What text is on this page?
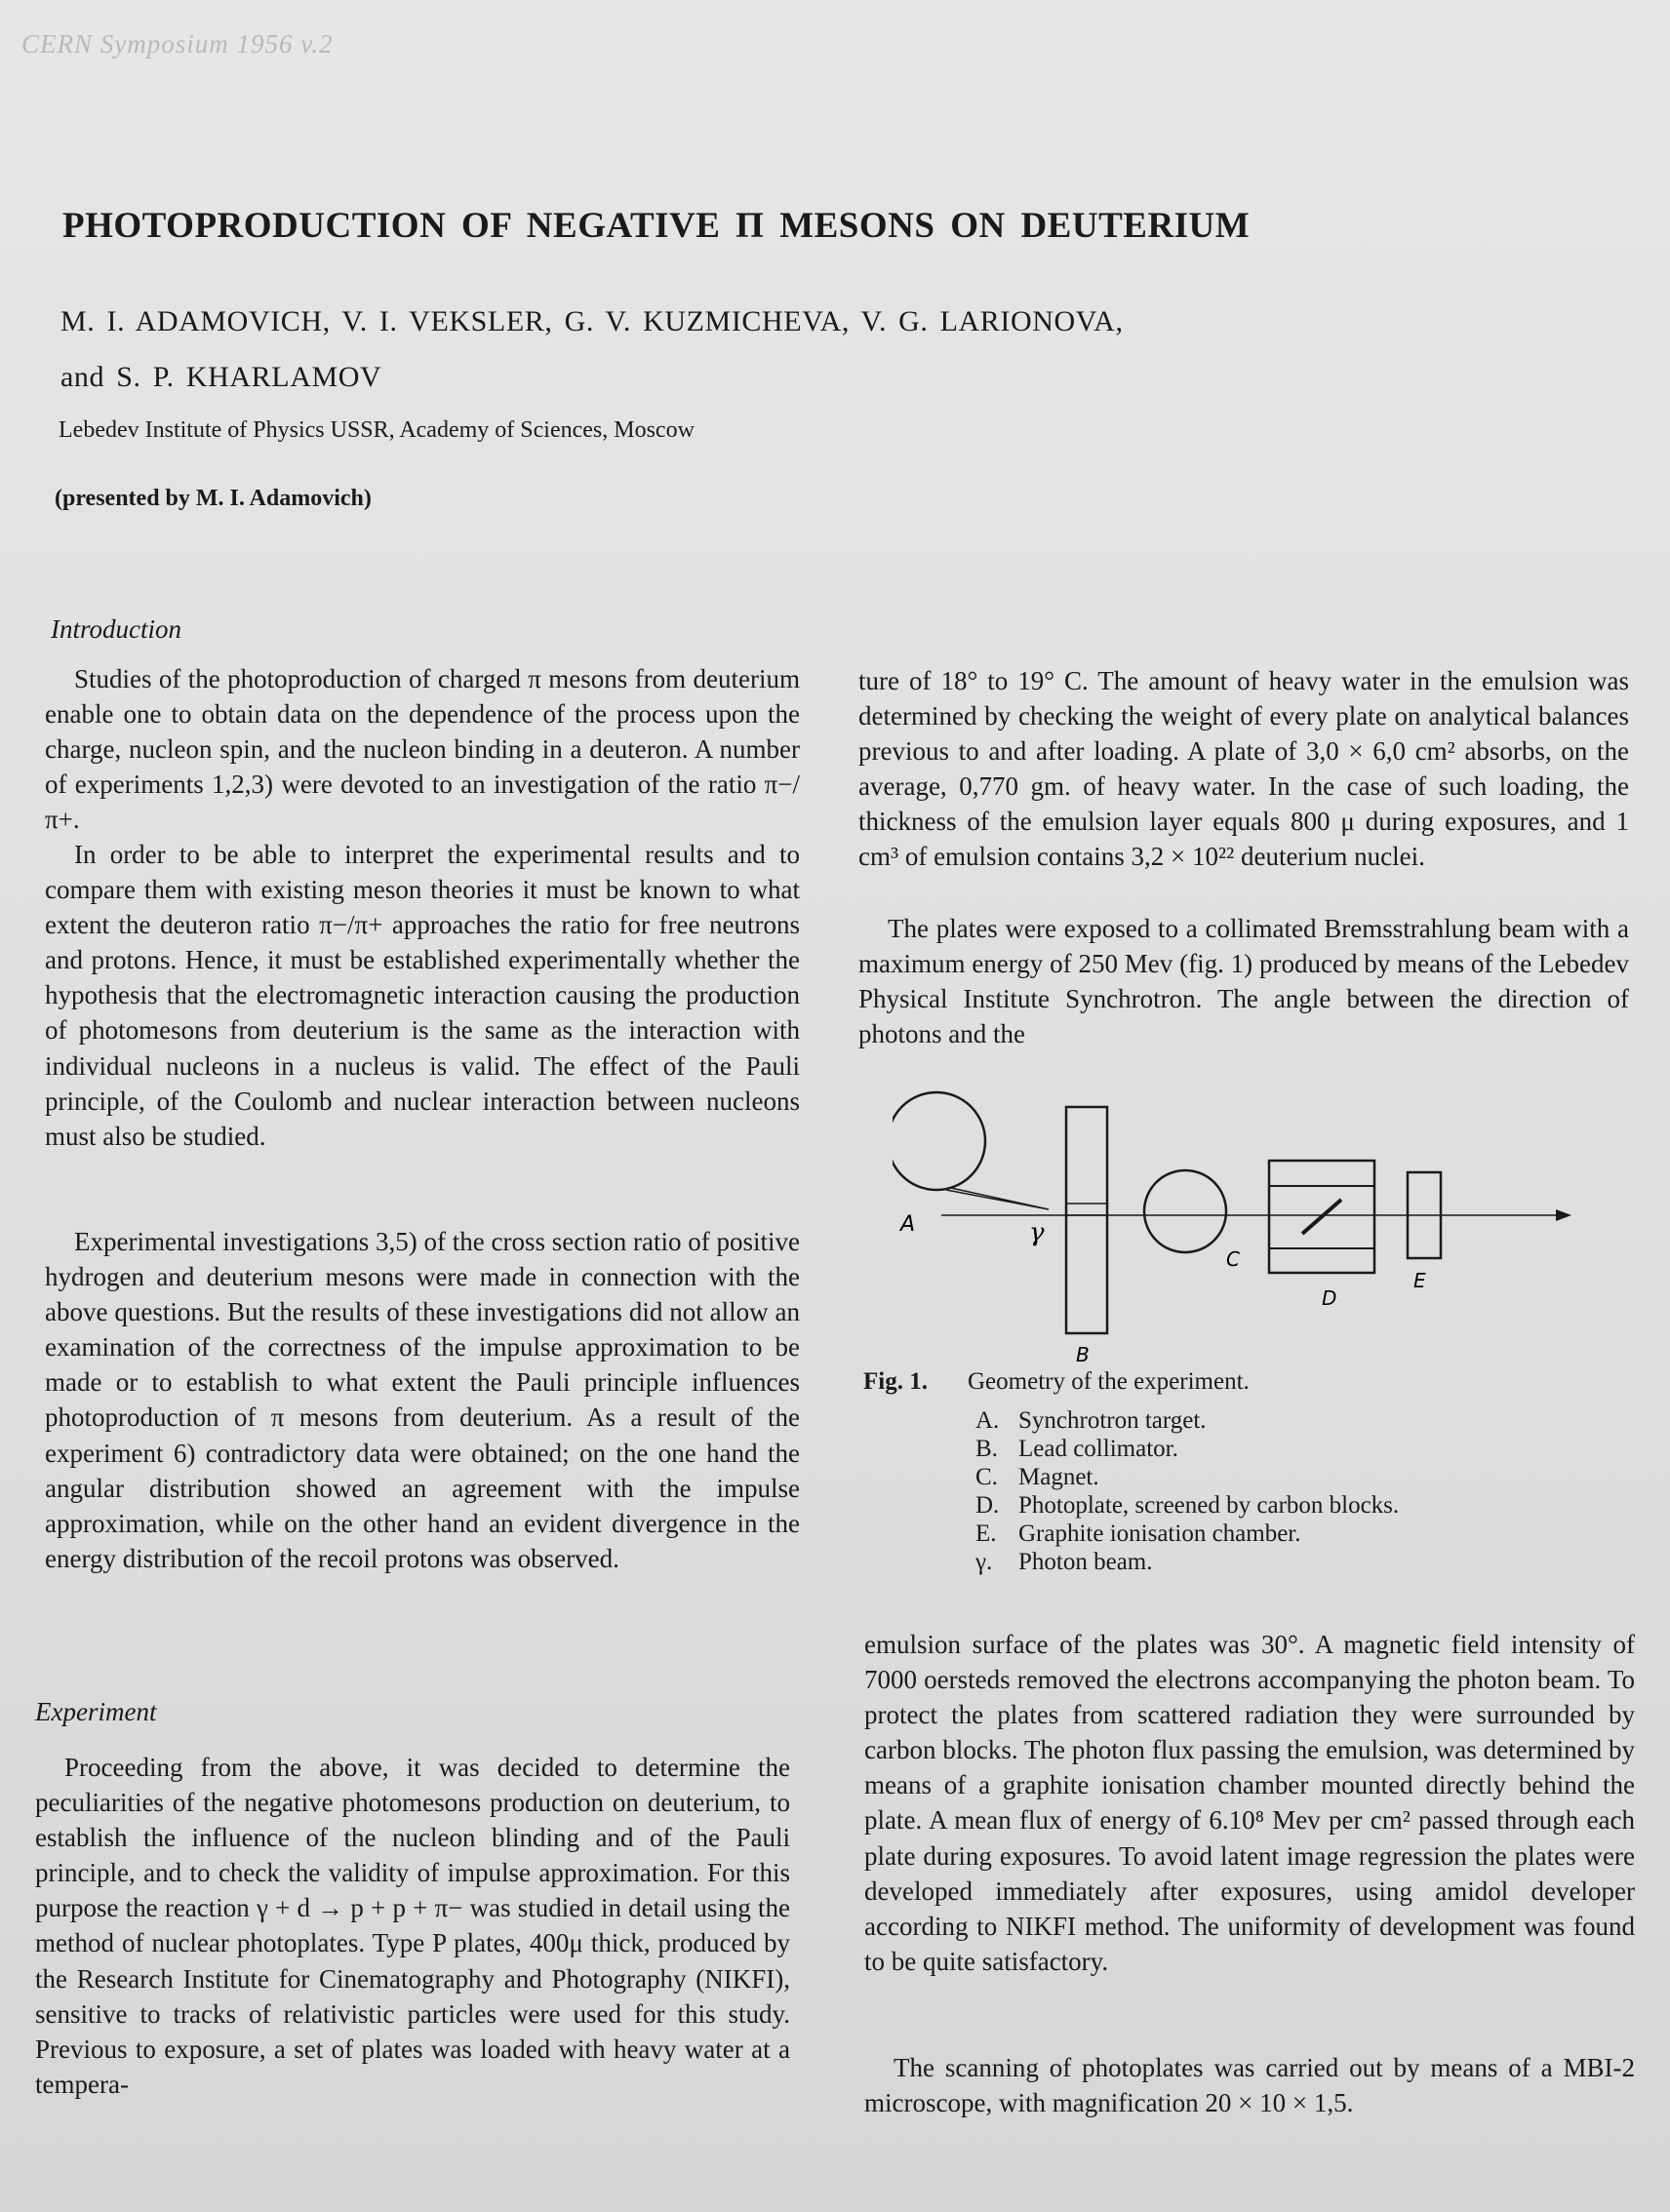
CERN Symposium 1956 v.2
PHOTOPRODUCTION OF NEGATIVE Π MESONS ON DEUTERIUM
M. I. ADAMOVICH, V. I. VEKSLER, G. V. KUZMICHEVA, V. G. LARIONOVA,
and S. P. KHARLAMOV
Lebedev Institute of Physics USSR, Academy of Sciences, Moscow
(presented by M. I. Adamovich)
Introduction

Studies of the photoproduction of charged π mesons from deuterium enable one to obtain data on the dependence of the process upon the charge, nucleon spin, and the nucleon binding in a deuteron. A number of experiments 1,2,3) were devoted to an investigation of the ratio π−/π+.

In order to be able to interpret the experimental results and to compare them with existing meson theories it must be known to what extent the deuteron ratio π−/π+ approaches the ratio for free neutrons and protons. Hence, it must be established experimentally whether the hypothesis that the electromagnetic interaction causing the production of photomesons from deuterium is the same as the interaction with individual nucleons in a nucleus is valid. The effect of the Pauli principle, of the Coulomb and nuclear interaction between nucleons must also be studied.

Experimental investigations 3,5) of the cross section ratio of positive hydrogen and deuterium mesons were made in connection with the above questions. But the results of these investigations did not allow an examination of the correctness of the impulse approximation to be made or to establish to what extent the Pauli principle influences photoproduction of π mesons from deuterium. As a result of the experiment 6) contradictory data were obtained; on the one hand the angular distribution showed an agreement with the impulse approximation, while on the other hand an evident divergence in the energy distribution of the recoil protons was observed.

Experiment

Proceeding from the above, it was decided to determine the peculiarities of the negative photomesons production on deuterium, to establish the influence of the nucleon blinding and of the Pauli principle, and to check the validity of impulse approximation. For this purpose the reaction γ + d → p + p + π− was studied in detail using the method of nuclear photoplates. Type P plates, 400μ thick, produced by the Research Institute for Cinematography and Photography (NIKFI), sensitive to tracks of relativistic particles were used for this study. Previous to exposure, a set of plates was loaded with heavy water at a tempera-

ture of 18° to 19° C. The amount of heavy water in the emulsion was determined by checking the weight of every plate on analytical balances previous to and after loading. A plate of 3,0 × 6,0 cm² absorbs, on the average, 0,770 gm. of heavy water. In the case of such loading, the thickness of the emulsion layer equals 800 μ during exposures, and 1 cm³ of emulsion contains 3,2 × 10²² deuterium nuclei.

The plates were exposed to a collimated Bremsstrahlung beam with a maximum energy of 250 Mev (fig. 1) produced by means of the Lebedev Physical Institute Synchrotron. The angle between the direction of photons and the

A	γ
B
C
D
E
Fig. 1. Geometry of the experiment.
A. Synchrotron target.
B. Lead collimator.
C. Magnet.
D. Photoplate, screened by carbon blocks.
E. Graphite ionisation chamber.
γ. Photon beam.

emulsion surface of the plates was 30°. A magnetic field intensity of 7000 oersteds removed the electrons accompanying the photon beam. To protect the plates from scattered radiation they were surrounded by carbon blocks. The photon flux passing the emulsion, was determined by means of a graphite ionisation chamber mounted directly behind the plate. A mean flux of energy of 6.10⁸ Mev per cm² passed through each plate during exposures. To avoid latent image regression the plates were developed immediately after exposures, using amidol developer according to NIKFI method. The uniformity of development was found to be quite satisfactory.

The scanning of photoplates was carried out by means of a MBI-2 microscope, with magnification 20 × 10 × 1,5.
